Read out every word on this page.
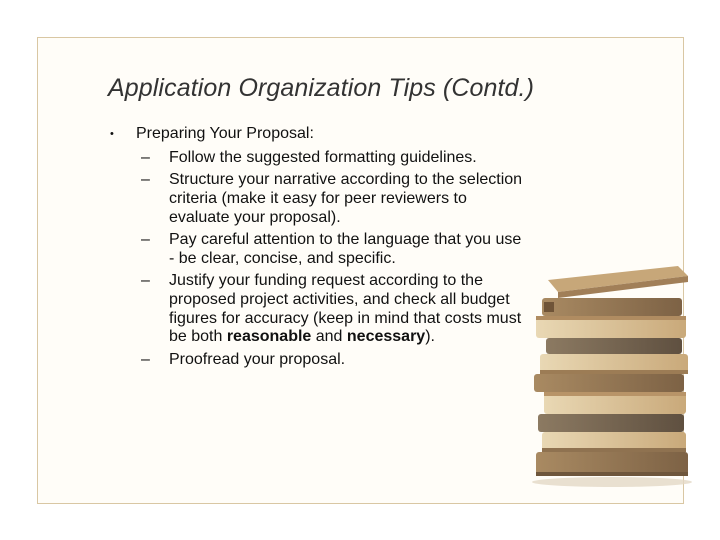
Application Organization Tips (Contd.)
• Preparing Your Proposal:
– Follow the suggested formatting guidelines.
– Structure your narrative according to the selection criteria (make it easy for peer reviewers to evaluate your proposal).
– Pay careful attention to the language that you use - be clear, concise, and specific.
– Justify your funding request according to the proposed project activities, and check all budget figures for accuracy (keep in mind that costs must be both reasonable and necessary).
– Proofread your proposal.
